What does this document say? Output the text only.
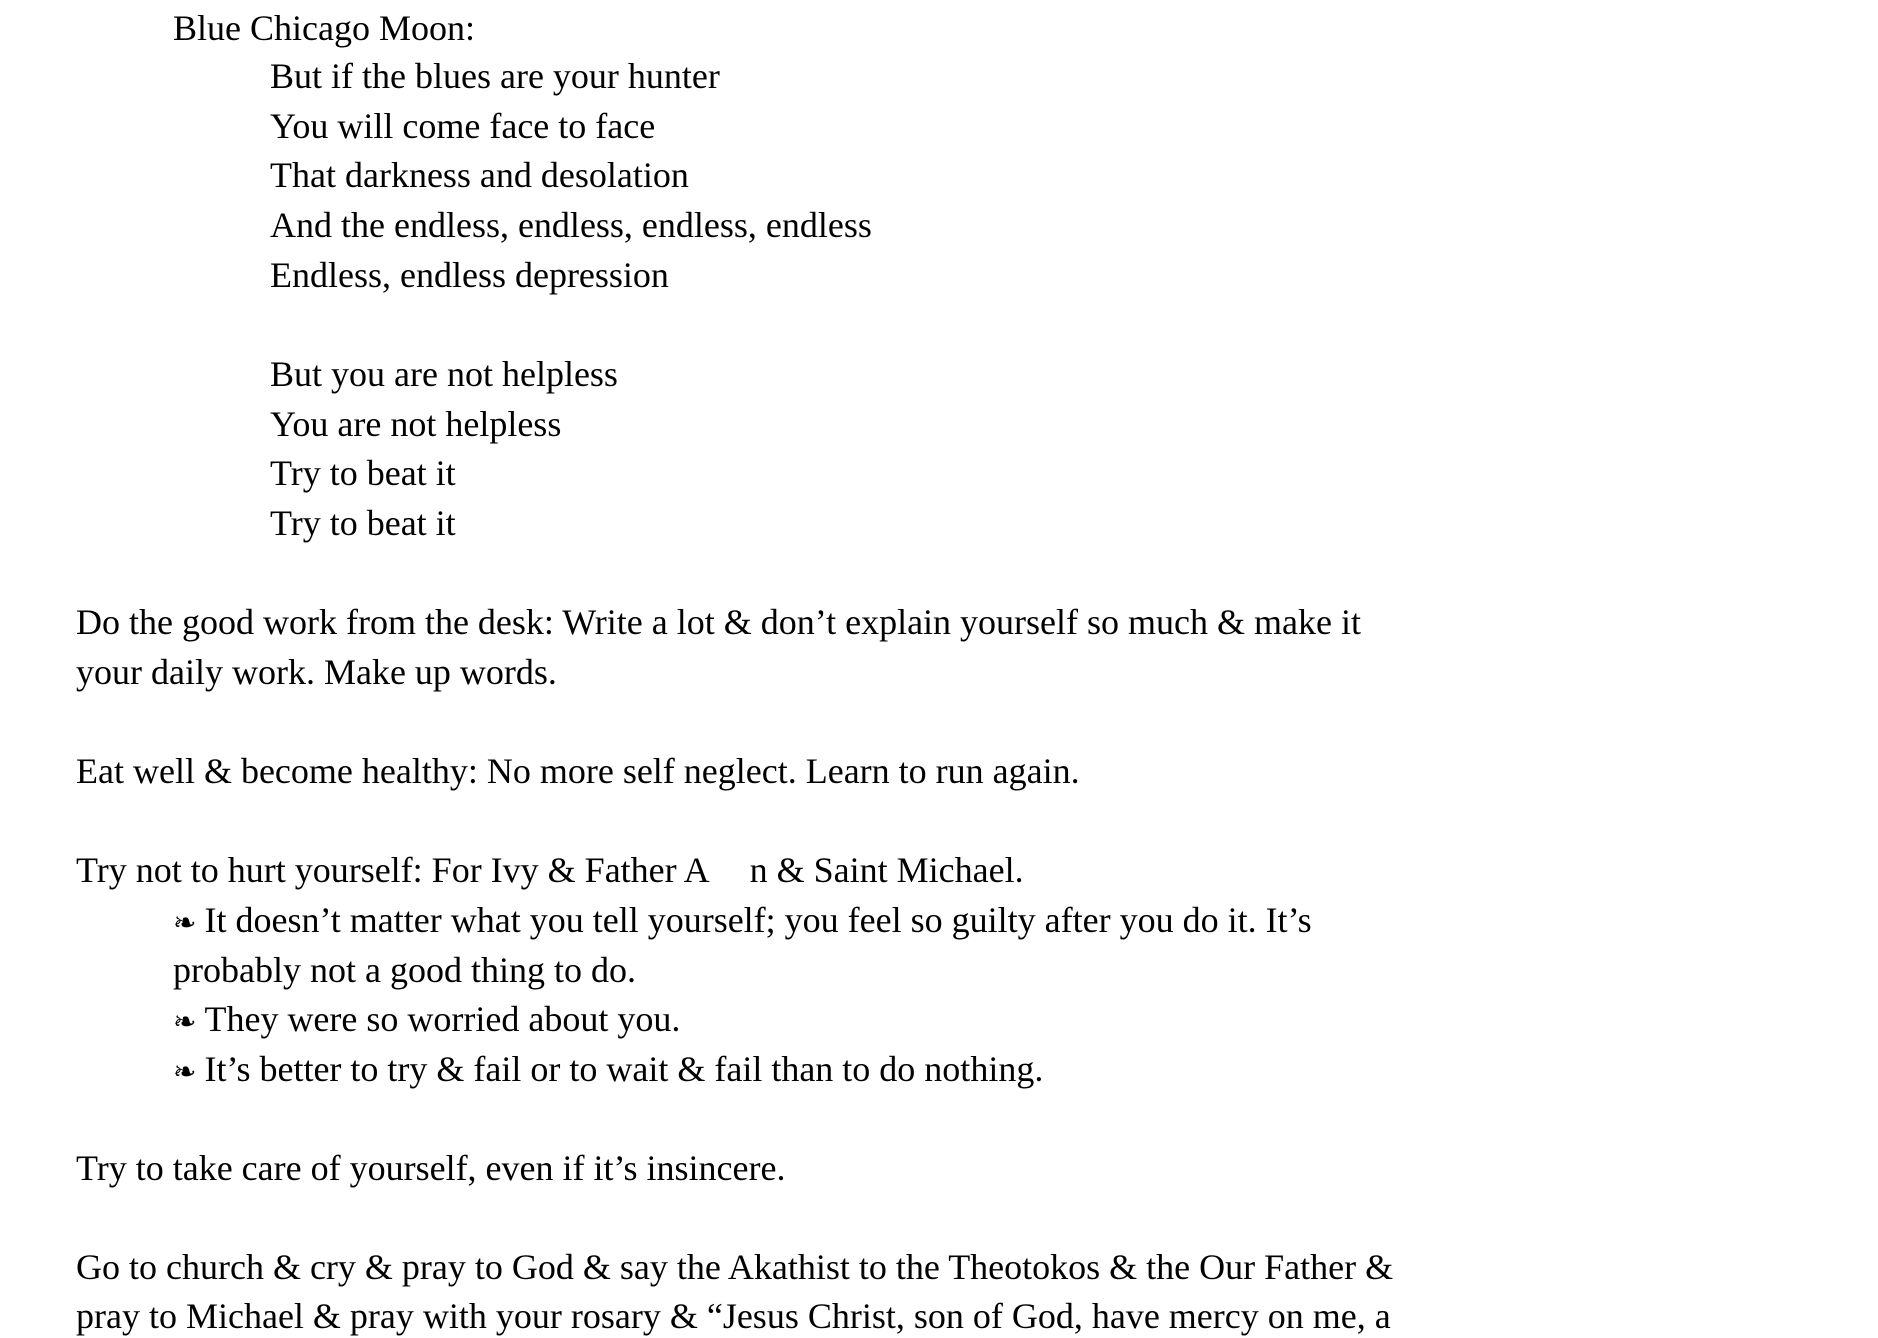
Blue Chicago Moon:

But if the blues are your hunter

You will come face to face

That darkness and desolation

And the endless, endless, endless, endless

Endless, endless depression

But you are not helpless

You are not helpless

Try to beat it

Try to beat it

Do the good work from the desk: Write a lot & don’t explain yourself so much & make it

your daily work. Make up words.

Eat well & become healthy: No more self neglect. Learn to run again.

Try not to hurt yourself: For Ivy & Father A n & Saint Michael.

❧ It doesn’t matter what you tell yourself; you feel so guilty after you do it. It’s

probably not a good thing to do.

❧ They were so worried about you.

❧ It’s better to try & fail or to wait & fail than to do nothing.

Try to take care of yourself, even if it’s insincere.

Go to church & cry & pray to God & say the Akathist to the Theotokos & the Our Father &

pray to Michael & pray with your rosary & “Jesus Christ, son of God, have mercy on me, a
